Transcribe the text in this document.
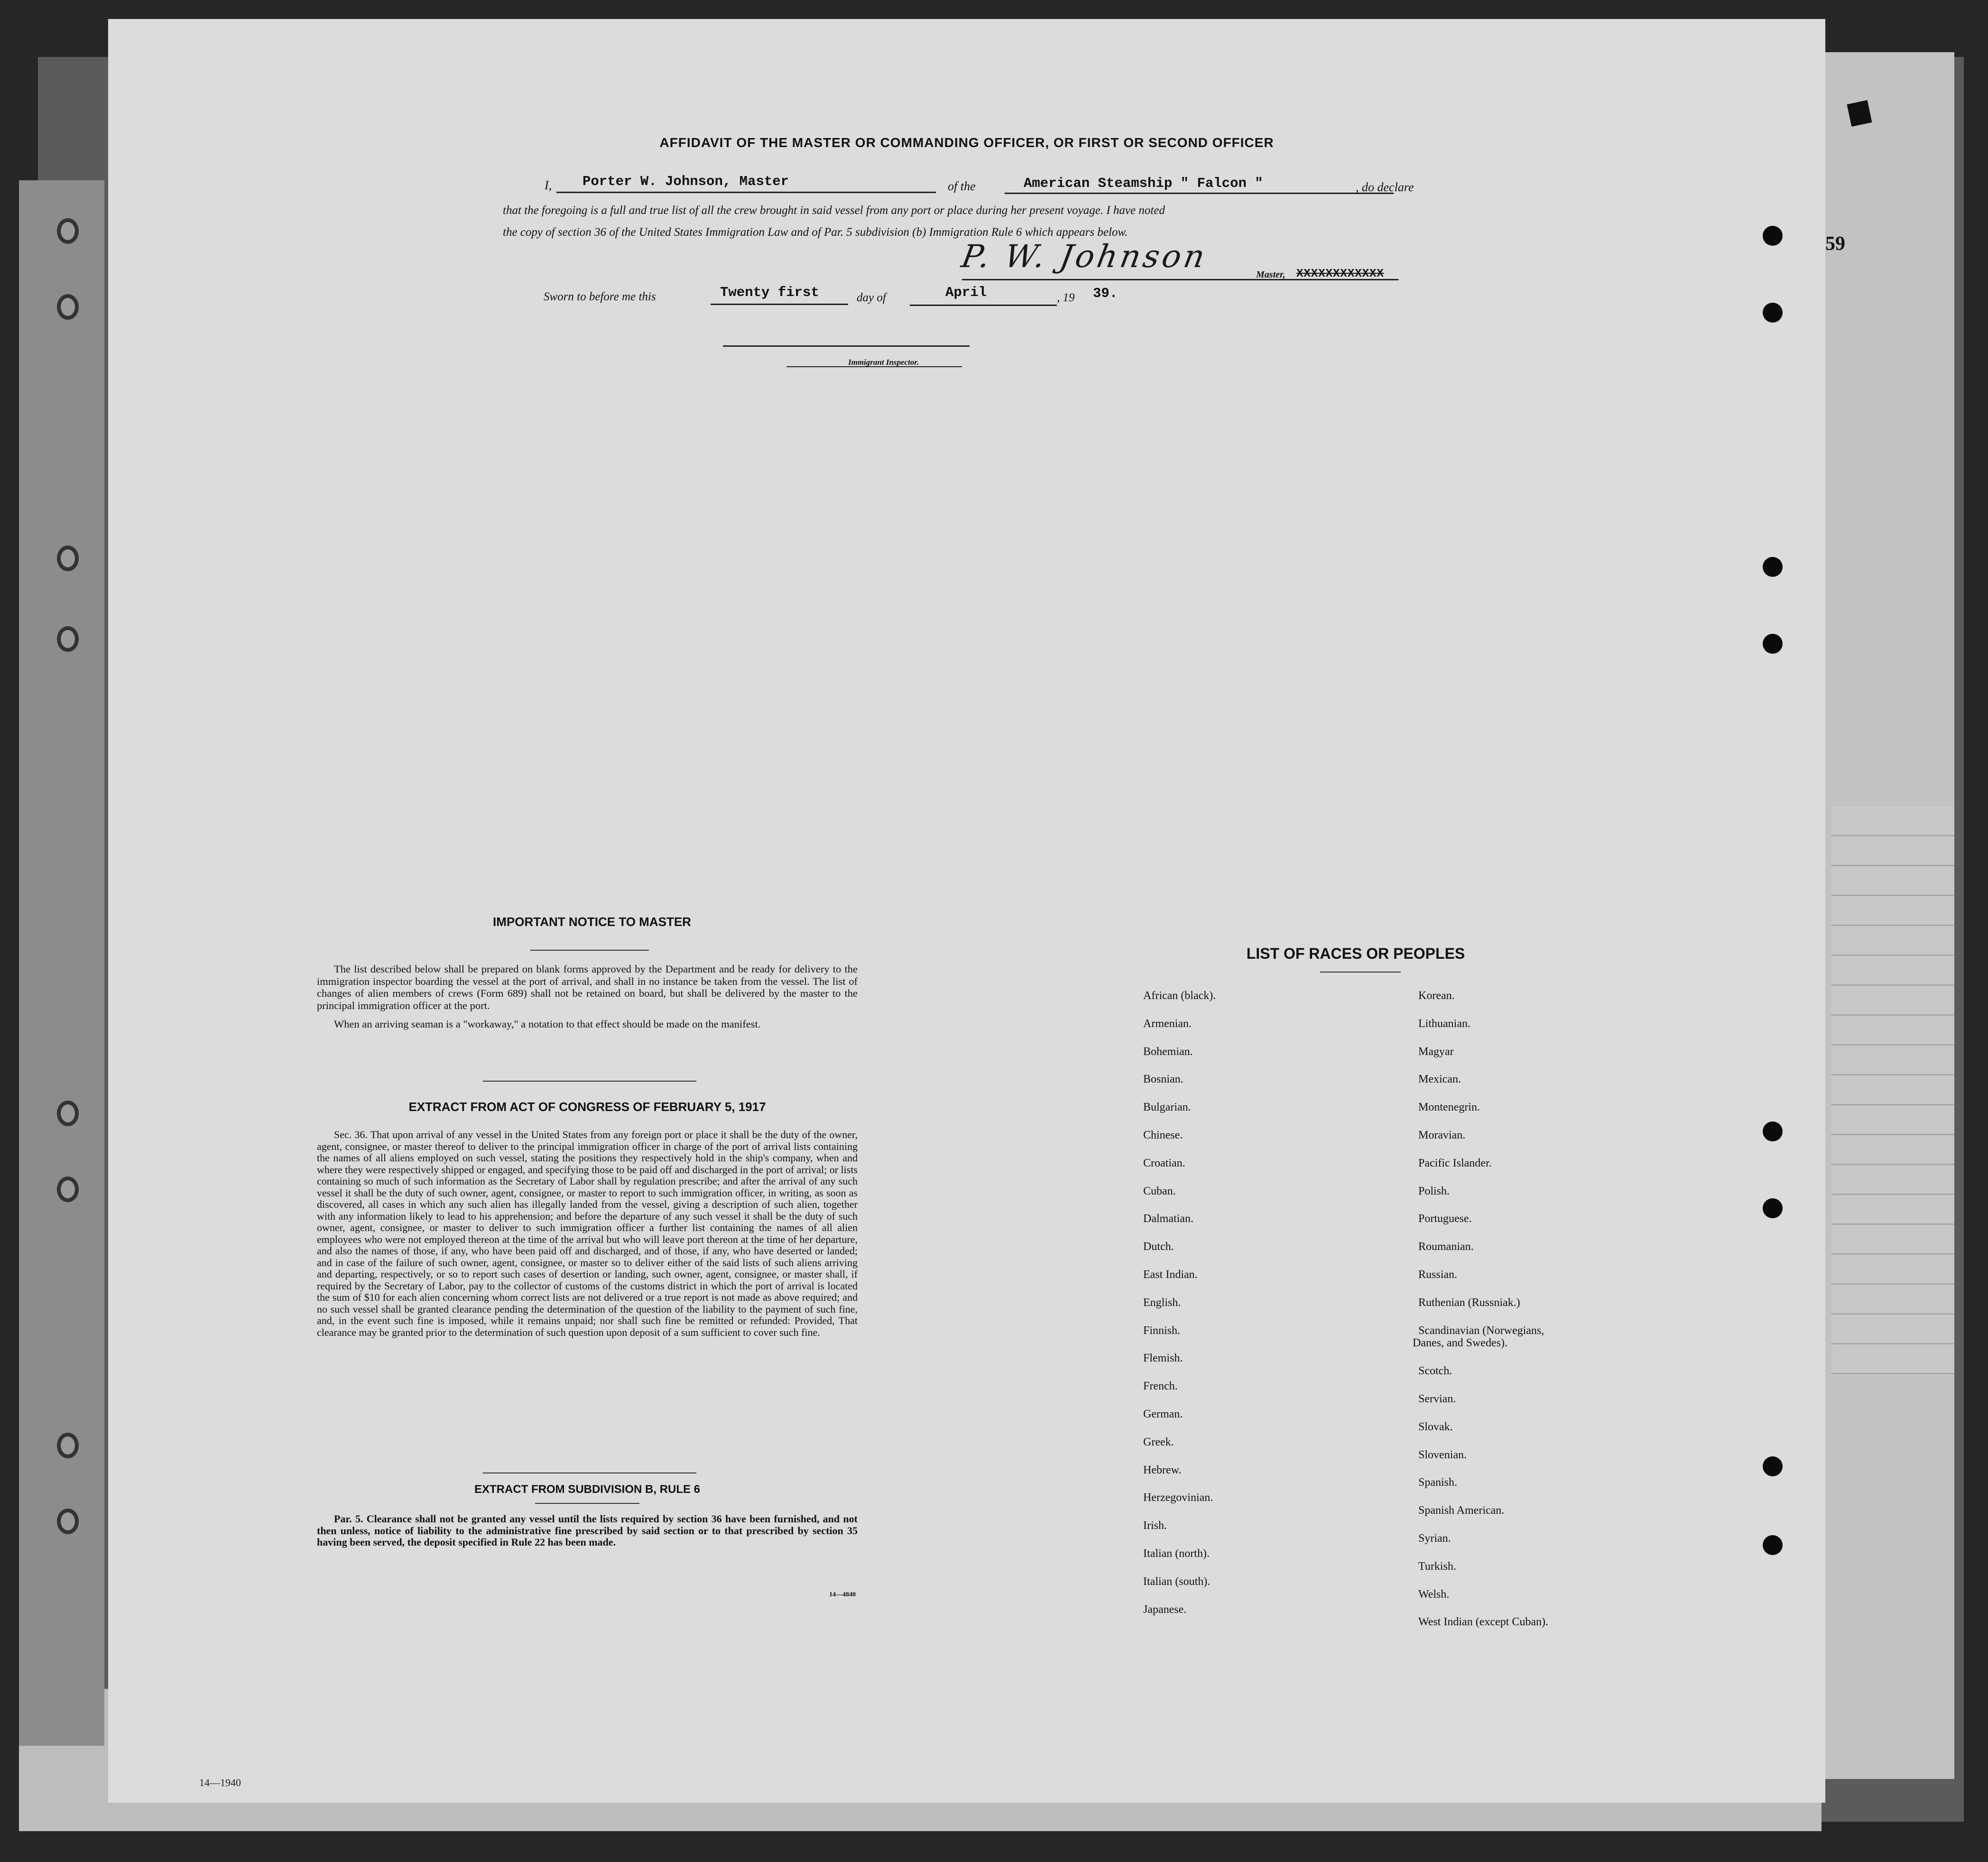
AFFIDAVIT OF THE MASTER OR COMMANDING OFFICER, OR FIRST OR SECOND OFFICER
I, Porter W. Johnson, Master	of the	American Steamship " Falcon "	, do declare
that the foregoing is a full and true list of all the crew brought in said vessel from any port or place during her present voyage. I have noted
the copy of section 36 of the United States Immigration Law and of Par. 5 subdivision (b) Immigration Rule 6 which appears below.
P. W. Johnson	Master, XXXXXXXXXXXX
Sworn to before me this	Twenty first	day of	April	, 19 39.
Immigrant Inspector.
IMPORTANT NOTICE TO MASTER

The list described below shall be prepared on blank forms approved by the Department and be ready for delivery to the immigration inspector boarding the vessel at the port of arrival, and shall in no instance be taken from the vessel. The list of changes of alien members of crews (Form 689) shall not be retained on board, but shall be delivered by the master to the principal immigration officer at the port.

When an arriving seaman is a "workaway," a notation to that effect should be made on the manifest.

EXTRACT FROM ACT OF CONGRESS OF FEBRUARY 5, 1917

Sec. 36. That upon arrival of any vessel in the United States from any foreign port or place it shall be the duty of the owner, agent, consignee, or master thereof to deliver to the principal immigration officer in charge of the port of arrival lists containing the names of all aliens employed on such vessel, stating the positions they respectively hold in the ship's company, when and where they were respectively shipped or engaged, and specifying those to be paid off and discharged in the port of arrival; or lists containing so much of such information as the Secretary of Labor shall by regulation prescribe; and after the arrival of any such vessel it shall be the duty of such owner, agent, consignee, or master to report to such immigration officer, in writing, as soon as discovered, all cases in which any such alien has illegally landed from the vessel, giving a description of such alien, together with any information likely to lead to his apprehension; and before the departure of any such vessel it shall be the duty of such owner, agent, consignee, or master to deliver to such immigration officer a further list containing the names of all alien employees who were not employed thereon at the time of the arrival but who will leave port thereon at the time of her departure, and also the names of those, if any, who have been paid off and discharged, and of those, if any, who have deserted or landed; and in case of the failure of such owner, agent, consignee, or master so to deliver either of the said lists of such aliens arriving and departing, respectively, or so to report such cases of desertion or landing, such owner, agent, consignee, or master shall, if required by the Secretary of Labor, pay to the collector of customs of the customs district in which the port of arrival is located the sum of $10 for each alien concerning whom correct lists are not delivered or a true report is not made as above required; and no such vessel shall be granted clearance pending the determination of the question of the liability to the payment of such fine, and, in the event such fine is imposed, while it remains unpaid; nor shall such fine be remitted or refunded: Provided, That clearance may be granted prior to the determination of such question upon deposit of a sum sufficient to cover such fine.

EXTRACT FROM SUBDIVISION B, RULE 6

Par. 5. Clearance shall not be granted any vessel until the lists required by section 36 have been furnished, and not then unless, notice of liability to the administrative fine prescribed by said section or to that prescribed by section 35 having been served, the deposit specified in Rule 22 has been made.

14—4840
LIST OF RACES OR PEOPLES
African (black).
Armenian.
Bohemian.
Bosnian.
Bulgarian.
Chinese.
Croatian.
Cuban.
Dalmatian.
Dutch.
East Indian.
English.
Finnish.
Flemish.
French.
German.
Greek.
Hebrew.
Herzegovinian.
Irish.
Italian (north).
Italian (south).
Japanese.
Korean.
Lithuanian.
Magyar
Mexican.
Montenegrin.
Moravian.
Pacific Islander.
Polish.
Portuguese.
Roumanian.
Russian.
Ruthenian (Russniak.)
Scandinavian (Norwegians,
Danes, and Swedes).
Scotch.
Servian.
Slovak.
Slovenian.
Spanish.
Spanish American.
Syrian.
Turkish.
Welsh.
West Indian (except Cuban).
59
14—1940
